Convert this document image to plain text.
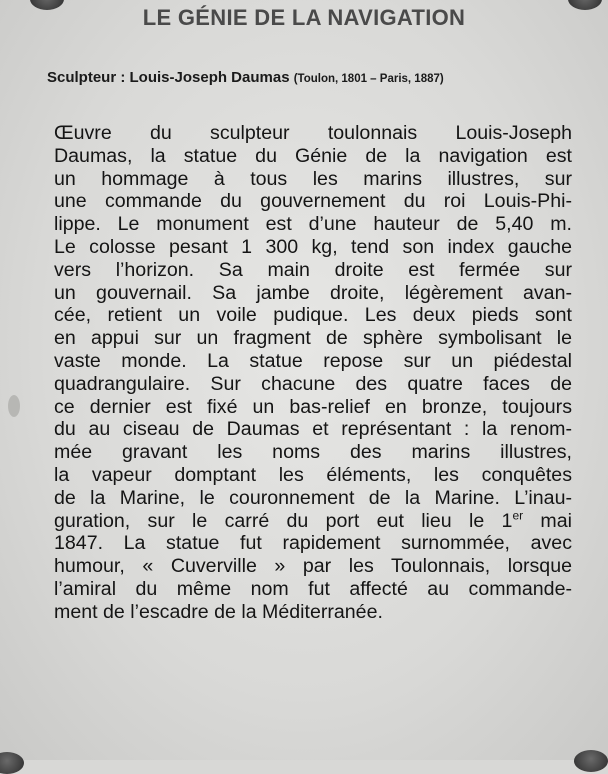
LE GÉNIE DE LA NAVIGATION
Sculpteur : Louis-Joseph Daumas (Toulon, 1801 – Paris, 1887)
Œuvre du sculpteur toulonnais Louis-Joseph
Daumas, la statue du Génie de la navigation est
un hommage à tous les marins illustres, sur
une commande du gouvernement du roi Louis-Phi-
lippe. Le monument est d’une hauteur de 5,40 m.
Le colosse pesant 1 300 kg, tend son index gauche
vers l’horizon. Sa main droite est fermée sur
un gouvernail. Sa jambe droite, légèrement avan-
cée, retient un voile pudique. Les deux pieds sont
en appui sur un fragment de sphère symbolisant le
vaste monde. La statue repose sur un piédestal
quadrangulaire. Sur chacune des quatre faces de
ce dernier est fixé un bas-relief en bronze, toujours
du au ciseau de Daumas et représentant : la renom-
mée gravant les noms des marins illustres,
la vapeur domptant les éléments, les conquêtes
de la Marine, le couronnement de la Marine. L’inau-
guration, sur le carré du port eut lieu le 1er mai
1847. La statue fut rapidement surnommée, avec
humour, « Cuverville » par les Toulonnais, lorsque
l’amiral du même nom fut affecté au commande-
ment de l’escadre de la Méditerranée.
